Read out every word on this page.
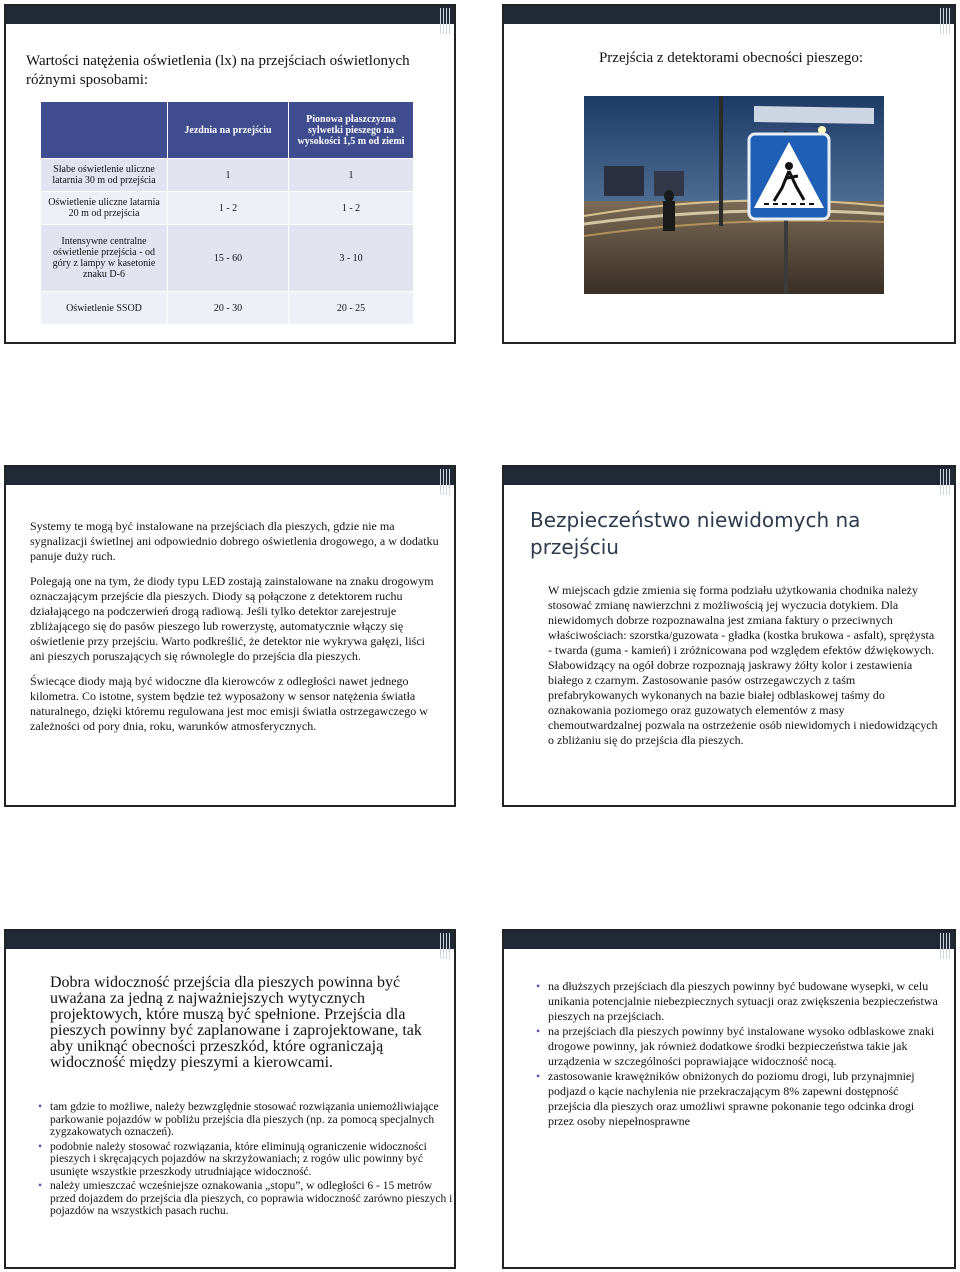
Wartości natężenia oświetlenia (lx) na przejściach oświetlonych różnymi sposobami:
	Jezdnia na przejściu	Pionowa płaszczyzna sylwetki pieszego na wysokości 1,5 m od ziemi
Słabe oświetlenie uliczne latarnia 30 m od przejścia	1	1
Oświetlenie uliczne latarnia 20 m od przejścia	1 - 2	1 - 2
Intensywne centralne oświetlenie przejścia - od góry z lampy w kasetonie znaku D-6	15 - 60	3 - 10
Oświetlenie SSOD	20 - 30	20 - 25
Przejścia z detektorami obecności pieszego:

Systemy te mogą być instalowane na przejściach dla pieszych, gdzie nie ma sygnalizacji świetlnej ani odpowiednio dobrego oświetlenia drogowego, a w dodatku panuje duży ruch.

Polegają one na tym, że diody typu LED zostają zainstalowane na znaku drogowym oznaczającym przejście dla pieszych. Diody są połączone z detektorem ruchu działającego na podczerwień drogą radiową. Jeśli tylko detektor zarejestruje zbliżającego się do pasów pieszego lub rowerzystę, automatycznie włączy się oświetlenie przy przejściu. Warto podkreślić, że detektor nie wykrywa gałęzi, liści ani pieszych poruszających się równolegle do przejścia dla pieszych.

Świecące diody mają być widoczne dla kierowców z odległości nawet jednego kilometra. Co istotne, system będzie też wyposażony w sensor natężenia światła naturalnego, dzięki któremu regulowana jest moc emisji światła ostrzegawczego w zależności od pory dnia, roku, warunków atmosferycznych.

Bezpieczeństwo niewidomych na przejściu
W miejscach gdzie zmienia się forma podziału użytkowania chodnika należy stosować zmianę nawierzchni z możliwością jej wyczucia dotykiem. Dla niewidomych dobrze rozpoznawalna jest zmiana faktury o przeciwnych właściwościach: szorstka/guzowata - gładka (kostka brukowa - asfalt), sprężysta - twarda (guma - kamień) i zróżnicowana pod względem efektów dźwiękowych. Słabowidzący na ogół dobrze rozpoznają jaskrawy żółty kolor i zestawienia białego z czarnym. Zastosowanie pasów ostrzegawczych z taśm prefabrykowanych wykonanych na bazie białej odblaskowej taśmy do oznakowania poziomego oraz guzowatych elementów z masy chemoutwardzalnej pozwala na ostrzeżenie osób niewidomych i niedowidzących o zbliżaniu się do przejścia dla pieszych.
Dobra widoczność przejścia dla pieszych powinna być uważana za jedną z najważniejszych wytycznych projektowych, które muszą być spełnione. Przejścia dla pieszych powinny być zaplanowane i zaprojektowane, tak aby uniknąć obecności przeszkód, które ograniczają widoczność między pieszymi a kierowcami.
• tam gdzie to możliwe, należy bezwzględnie stosować rozwiązania uniemożliwiające parkowanie pojazdów w pobliżu przejścia dla pieszych (np. za pomocą specjalnych zygzakowatych oznaczeń).
• podobnie należy stosować rozwiązania, które eliminują ograniczenie widoczności pieszych i skręcających pojazdów na skrzyżowaniach; z rogów ulic powinny być usunięte wszystkie przeszkody utrudniające widoczność.
• należy umieszczać wcześniejsze oznakowania „stopu”, w odległości 6 - 15 metrów przed dojazdem do przejścia dla pieszych, co poprawia widoczność zarówno pieszych i pojazdów na wszystkich pasach ruchu.
• na dłuższych przejściach dla pieszych powinny być budowane wysepki, w celu unikania potencjalnie niebezpiecznych sytuacji oraz zwiększenia bezpieczeństwa pieszych na przejściach.
• na przejściach dla pieszych powinny być instalowane wysoko odblaskowe znaki drogowe powinny, jak również dodatkowe środki bezpieczeństwa takie jak urządzenia w szczególności poprawiające widoczność nocą.
• zastosowanie krawężników obniżonych do poziomu drogi, lub przynajmniej podjazd o kącie nachylenia nie przekraczającym 8% zapewni dostępność przejścia dla pieszych oraz umożliwi sprawne pokonanie tego odcinka drogi przez osoby niepełnosprawne
